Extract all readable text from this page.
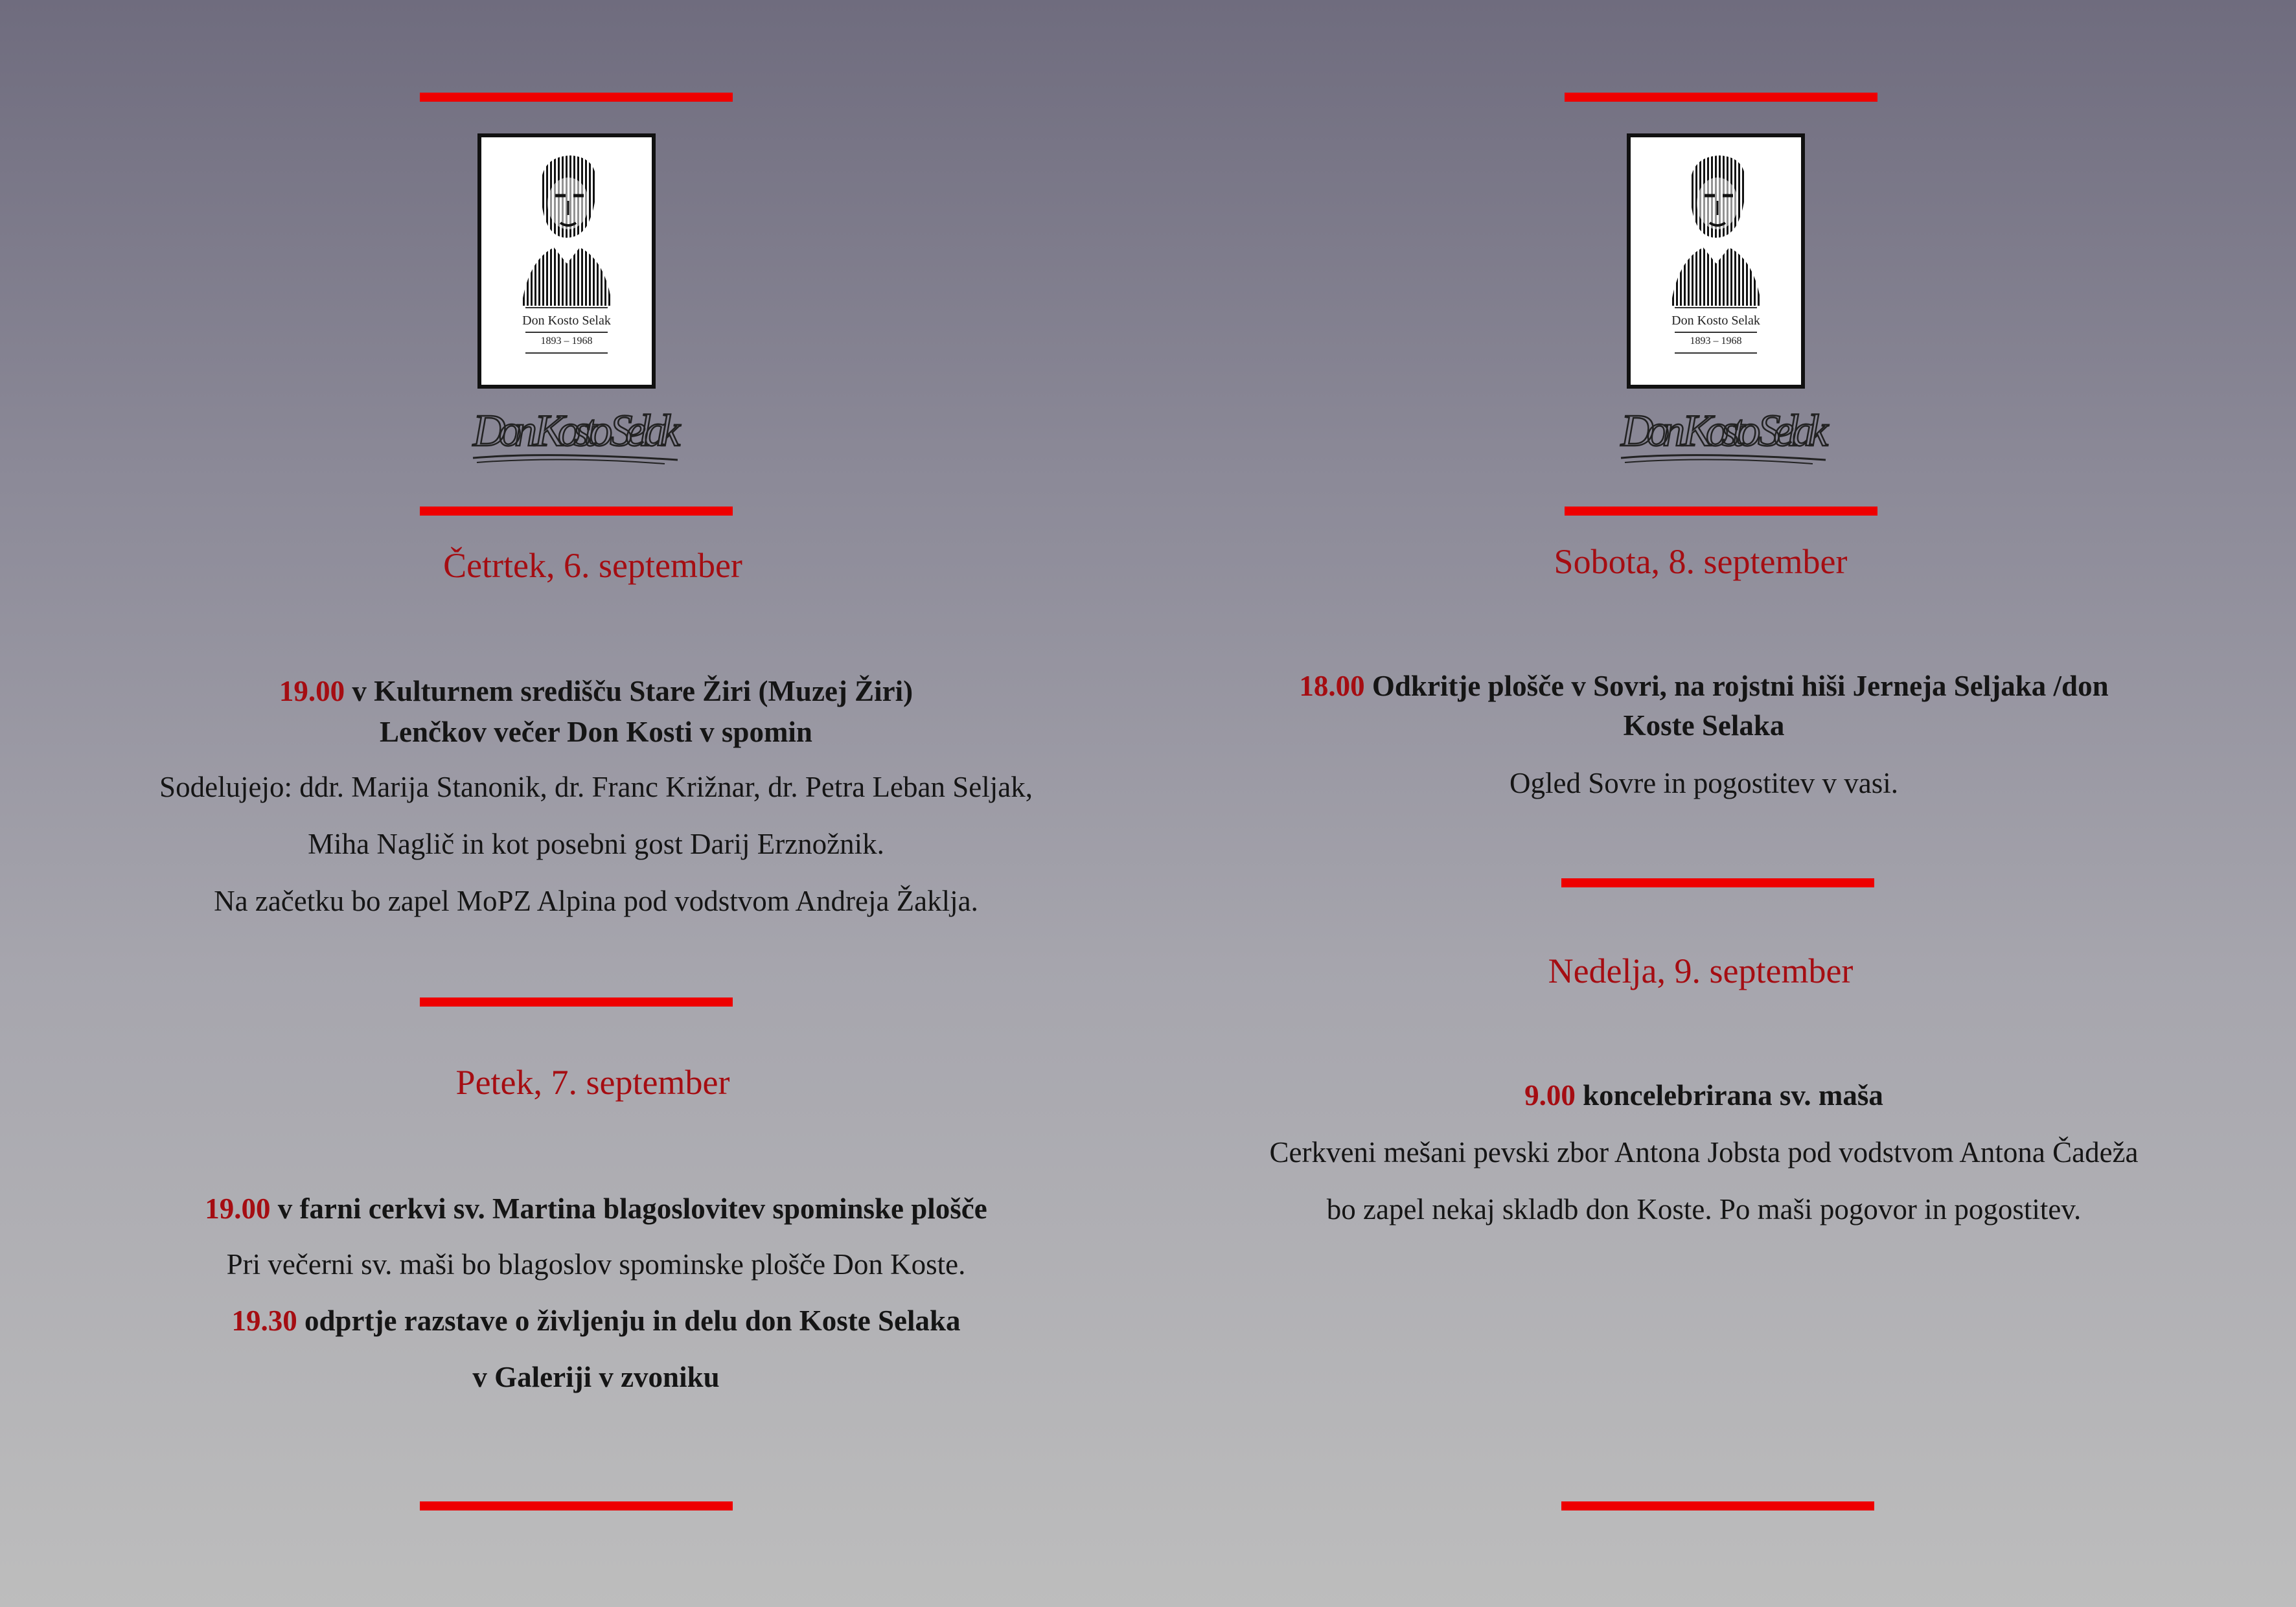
Don Kosto Selak
1893 – 1968
Don Kosto Selak
Četrtek, 6. september
19.00 v Kulturnem središču Stare Žiri (Muzej Žiri)
Lenčkov večer Don Kosti v spomin
Sodelujejo: ddr. Marija Stanonik, dr. Franc Križnar, dr. Petra Leban Seljak,
Miha Naglič in kot posebni gost Darij Erznožnik.
Na začetku bo zapel MoPZ Alpina pod vodstvom Andreja Žaklja.
Petek, 7. september
19.00 v farni cerkvi sv. Martina blagoslovitev spominske plošče
Pri večerni sv. maši bo blagoslov spominske plošče Don Koste.
19.30 odprtje razstave o življenju in delu don Koste Selaka
v Galeriji v zvoniku
Don Kosto Selak
1893 – 1968
Don Kosto Selak
Sobota, 8. september
18.00 Odkritje plošče v Sovri, na rojstni hiši Jerneja Seljaka /don
Koste Selaka
Ogled Sovre in pogostitev v vasi.
Nedelja, 9. september
9.00 koncelebrirana sv. maša
Cerkveni mešani pevski zbor Antona Jobsta pod vodstvom Antona Čadeža
bo zapel nekaj skladb don Koste. Po maši pogovor in pogostitev.
